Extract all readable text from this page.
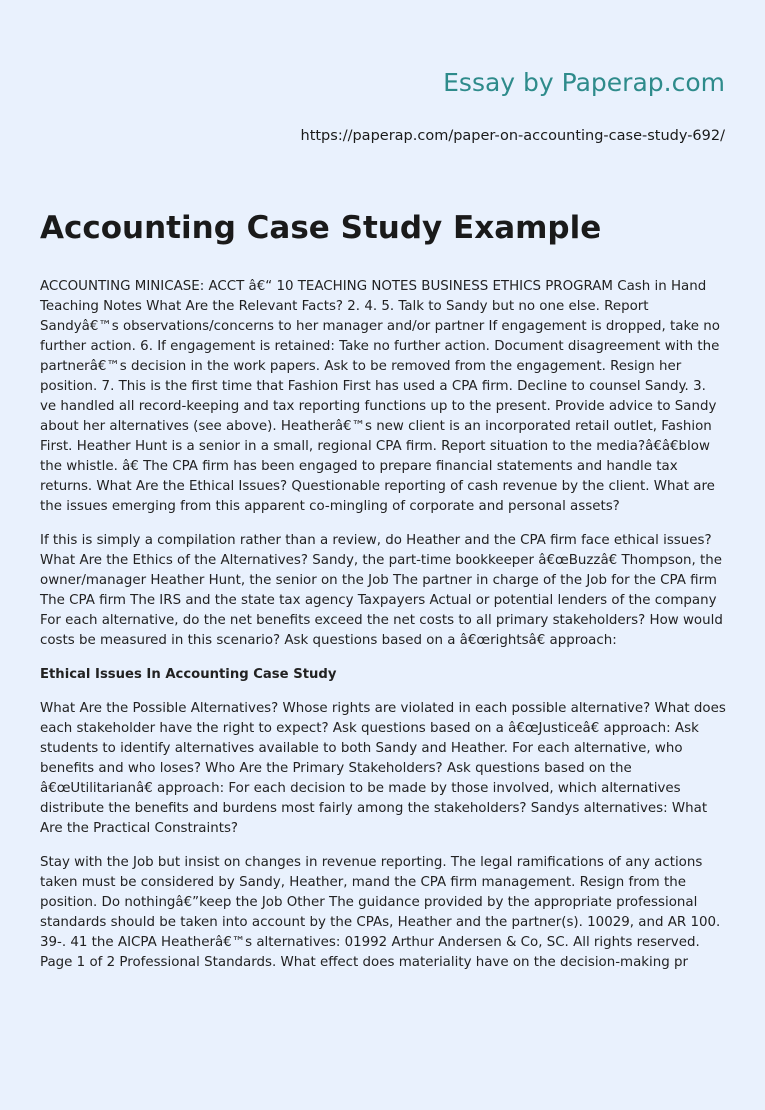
Essay by Paperap.com
https://paperap.com/paper-on-accounting-case-study-692/
Accounting Case Study Example

ACCOUNTING MINICASE: ACCT â€“ 10 TEACHING NOTES BUSINESS ETHICS PROGRAM Cash in Hand Teaching Notes What Are the Relevant Facts? 2. 4. 5. Talk to Sandy but no one else. Report Sandyâ€™s observations/concerns to her manager and/or partner If engagement is dropped, take no further action. 6. If engagement is retained: Take no further action. Document disagreement with the partnerâ€™s decision in the work papers. Ask to be removed from the engagement. Resign her position. 7. This is the first time that Fashion First has used a CPA firm. Decline to counsel Sandy. 3. ve handled all record-keeping and tax reporting functions up to the present. Provide advice to Sandy about her alternatives (see above). Heatherâ€™s new client is an incorporated retail outlet, Fashion First. Heather Hunt is a senior in a small, regional CPA firm. Report situation to the media?â€â€blow the whistle. â€ The CPA firm has been engaged to prepare financial statements and handle tax returns. What Are the Ethical Issues? Questionable reporting of cash revenue by the client. What are the issues emerging from this apparent co-mingling of corporate and personal assets?

If this is simply a compilation rather than a review, do Heather and the CPA firm face ethical issues? What Are the Ethics of the Alternatives? Sandy, the part-time bookkeeper â€œBuzzâ€ Thompson, the owner/manager Heather Hunt, the senior on the Job The partner in charge of the Job for the CPA firm The CPA firm The IRS and the state tax agency Taxpayers Actual or potential lenders of the company For each alternative, do the net benefits exceed the net costs to all primary stakeholders? How would costs be measured in this scenario? Ask questions based on a â€œrightsâ€ approach:

Ethical Issues In Accounting Case Study

What Are the Possible Alternatives? Whose rights are violated in each possible alternative? What does each stakeholder have the right to expect? Ask questions based on a â€œJusticeâ€ approach: Ask students to identify alternatives available to both Sandy and Heather. For each alternative, who benefits and who loses? Who Are the Primary Stakeholders? Ask questions based on the â€œUtilitarianâ€ approach: For each decision to be made by those involved, which alternatives distribute the benefits and burdens most fairly among the stakeholders? Sandys alternatives: What Are the Practical Constraints?

Stay with the Job but insist on changes in revenue reporting. The legal ramifications of any actions taken must be considered by Sandy, Heather, mand the CPA firm management. Resign from the position. Do nothingâ€”keep the Job Other The guidance provided by the appropriate professional standards should be taken into account by the CPAs, Heather and the partner(s). 10029, and AR 100. 39-. 41 the AICPA Heatherâ€™s alternatives: 01992 Arthur Andersen & Co, SC. All rights reserved. Page 1 of 2 Professional Standards. What effect does materiality have on the decision-making pr
